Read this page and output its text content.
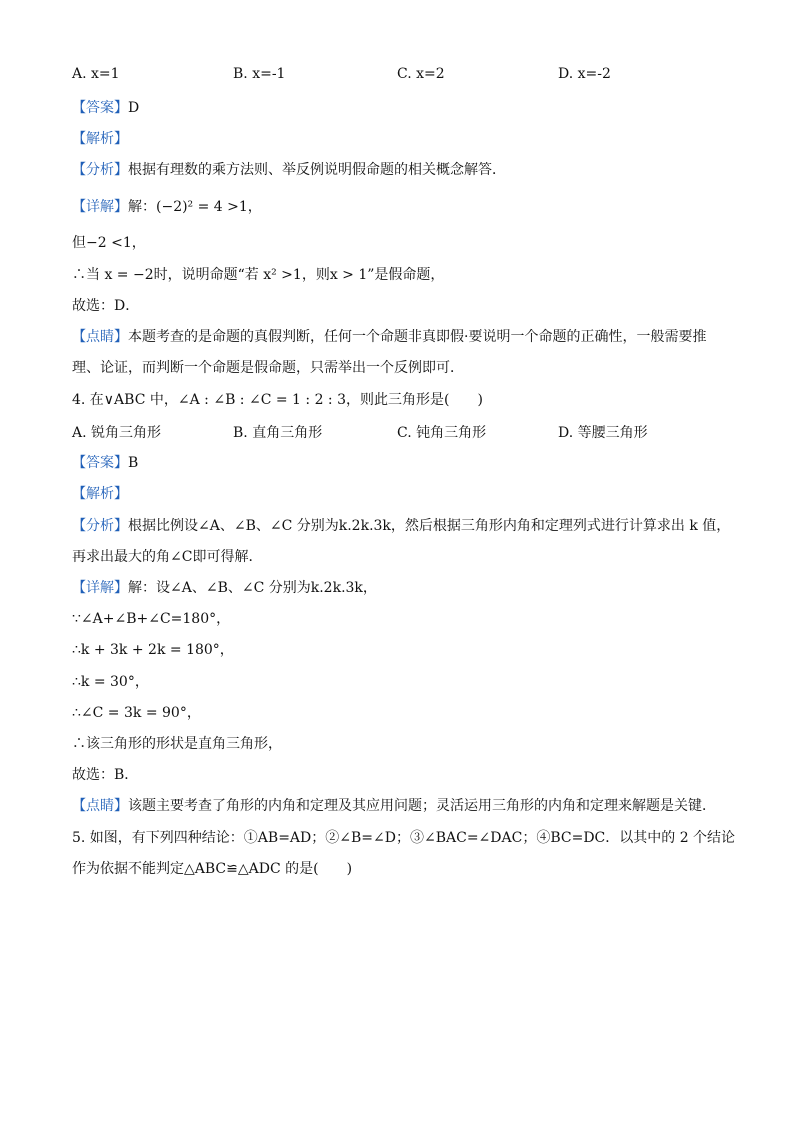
A. x=1	B. x=-1	C. x=2	D. x=-2
【答案】D
【解析】
【分析】根据有理数的乘方法则、举反例说明假命题的相关概念解答．
【详解】解：(−2)² = 4 >1，
但−2 <1，
∴当 x = −2时，说明命题“若 x² >1，则x > 1”是假命题，
故选：D．
【点睛】本题考查的是命题的真假判断，任何一个命题非真即假·要说明一个命题的正确性，一般需要推
理、论证，而判断一个命题是假命题，只需举出一个反例即可．
4. 在∨ABC 中，∠A : ∠B : ∠C = 1 : 2 : 3，则此三角形是(　　)
A. 锐角三角形	B. 直角三角形	C. 钝角三角形	D. 等腰三角形
【答案】B
【解析】
【分析】根据比例设∠A、∠B、∠C 分别为k.2k.3k，然后根据三角形内角和定理列式进行计算求出 k 值，
再求出最大的角∠C即可得解．
【详解】解：设∠A、∠B、∠C 分别为k.2k.3k，
∵∠A+∠B+∠C=180°，
∴k + 3k + 2k = 180°，
∴k = 30°，
∴∠C = 3k = 90°，
∴该三角形的形状是直角三角形，
故选：B．
【点睛】该题主要考查了角形的内角和定理及其应用问题；灵活运用三角形的内角和定理来解题是关键．
5. 如图，有下列四种结论：①AB=AD；②∠B=∠D；③∠BAC=∠DAC；④BC=DC．以其中的 2 个结论
作为依据不能判定△ABC≌△ADC 的是(　　)
